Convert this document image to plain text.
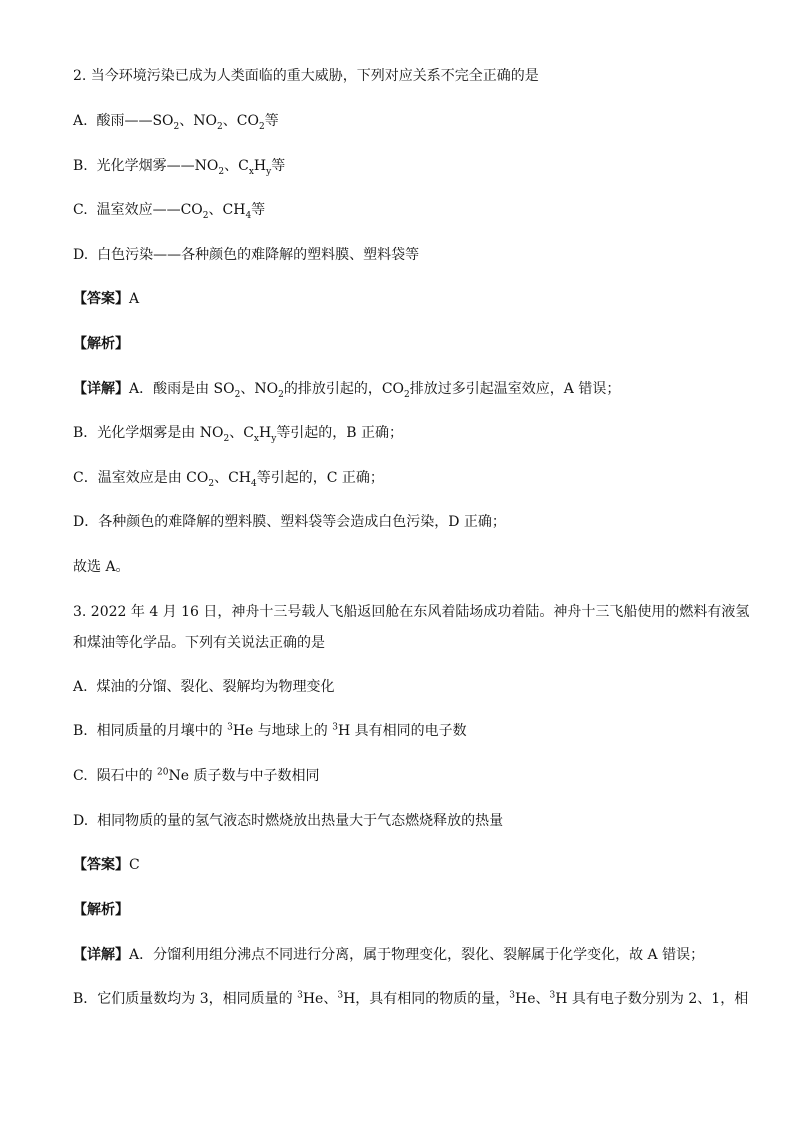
2. 当今环境污染已成为人类面临的重大威胁，下列对应关系不完全正确的是
A. 酸雨$——SO_2$、$NO_2$、$CO_2$等
B. 光化学烟雾$——NO_2$、$C_xH_y$等
C. 温室效应$——CO_2$、$CH_4$等
D. 白色污染——各种颜色的难降解的塑料膜、塑料袋等
【答案】A
【解析】
【详解】A．酸雨是由 $SO_2$、$NO_2$的排放引起的，$CO_2$排放过多引起温室效应，A 错误；
B．光化学烟雾是由 $NO_2$、$C_xH_y$等引起的，B 正确；
C．温室效应是由 $CO_2$、$CH_4$等引起的，C 正确；
D．各种颜色的难降解的塑料膜、塑料袋等会造成白色污染，D 正确；
故选 A。
3. 2022 年 4 月 16 日，神舟十三号载人飞船返回舱在东风着陆场成功着陆。神舟十三飞船使用的燃料有液氢
和煤油等化学品。下列有关说法正确的是
A. 煤油的分馏、裂化、裂解均为物理变化
B. 相同质量的月壤中的 $^3$He 与地球上的 $^3$H 具有相同的电子数
C. 陨石中的 $^{20}$Ne 质子数与中子数相同
D. 相同物质的量的氢气液态时燃烧放出热量大于气态燃烧释放的热量
【答案】C
【解析】
【详解】A．分馏利用组分沸点不同进行分离，属于物理变化，裂化、裂解属于化学变化，故 A 错误；
B．它们质量数均为 3，相同质量的 $^3$He、$^3$H，具有相同的物质的量，$^3$He、$^3$H 具有电子数分别为 2、1，相
